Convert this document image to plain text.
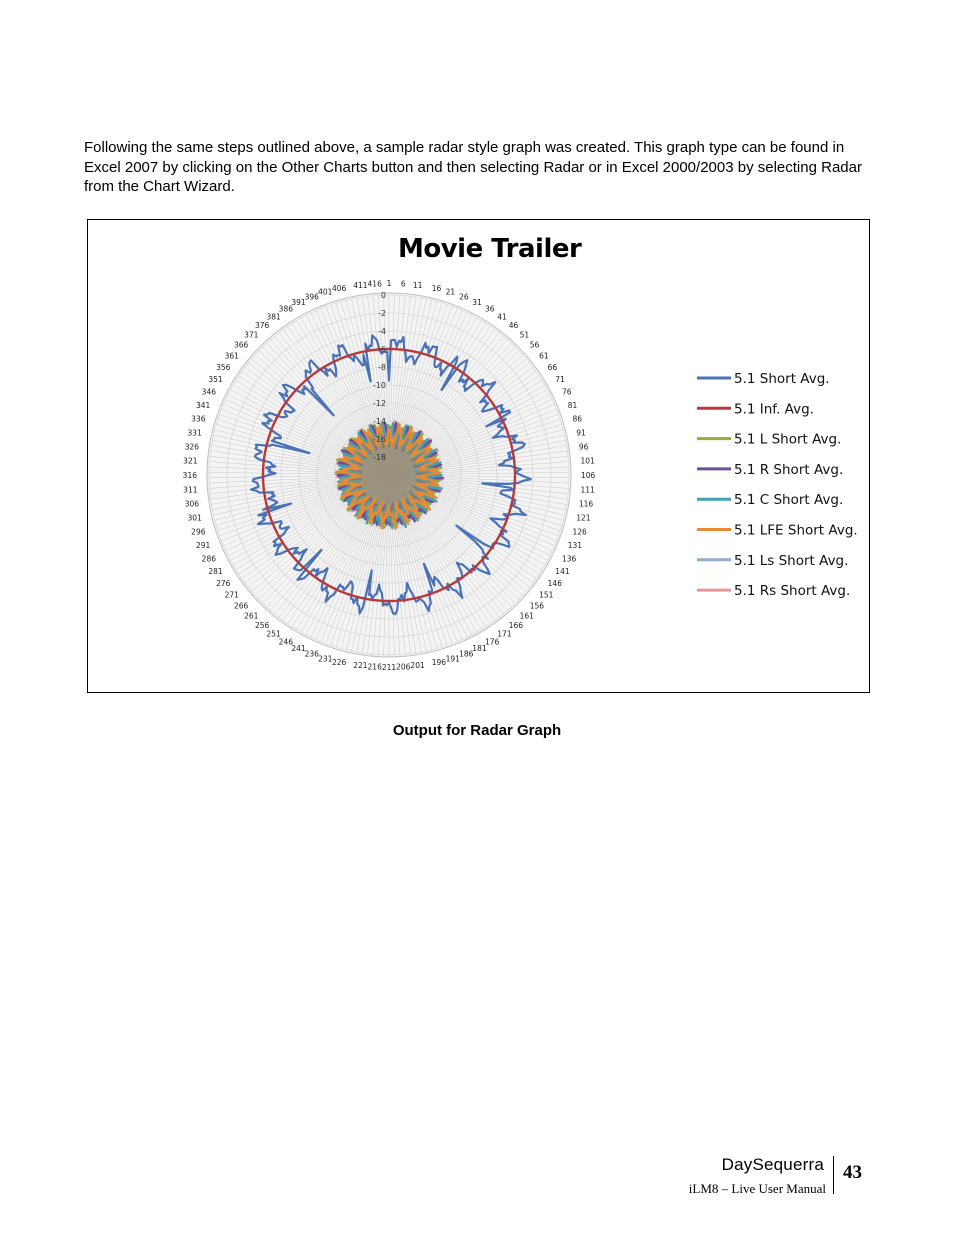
Following the same steps outlined above, a sample radar style graph was created. This graph type can be found in Excel 2007 by clicking on the Other Charts button and then selecting Radar or in Excel 2000/2003 by selecting Radar from the Chart Wizard.

0
-2
-4
-6
-8
-10
-12
-14
-16
-18
1 6 11 16 21
26
31
36
41
46
51
56
61
66
71
76
81
86
91
96
101
106
111
116
121
126
131
136
141
146
151
156
161
166
171
176
181
186
191
196
201
206
211
216
221
226
231
236
241
246
251
256
261
266
271
276
281
286
291
296
301
306
311
316
321
326
331
336
341
346
351
356
361
366
371
376
381
386
391
396
401 406 411 416
5.1 Short Avg.
5.1 Inf. Avg.
5.1 L Short Avg.
5.1 R Short Avg.
5.1 C Short Avg.
5.1 LFE Short Avg.
5.1 Ls Short Avg.
5.1 Rs Short Avg.
Movie Trailer
Output for Radar Graph
DaySequerra
iLM8 – Live User Manual
43
